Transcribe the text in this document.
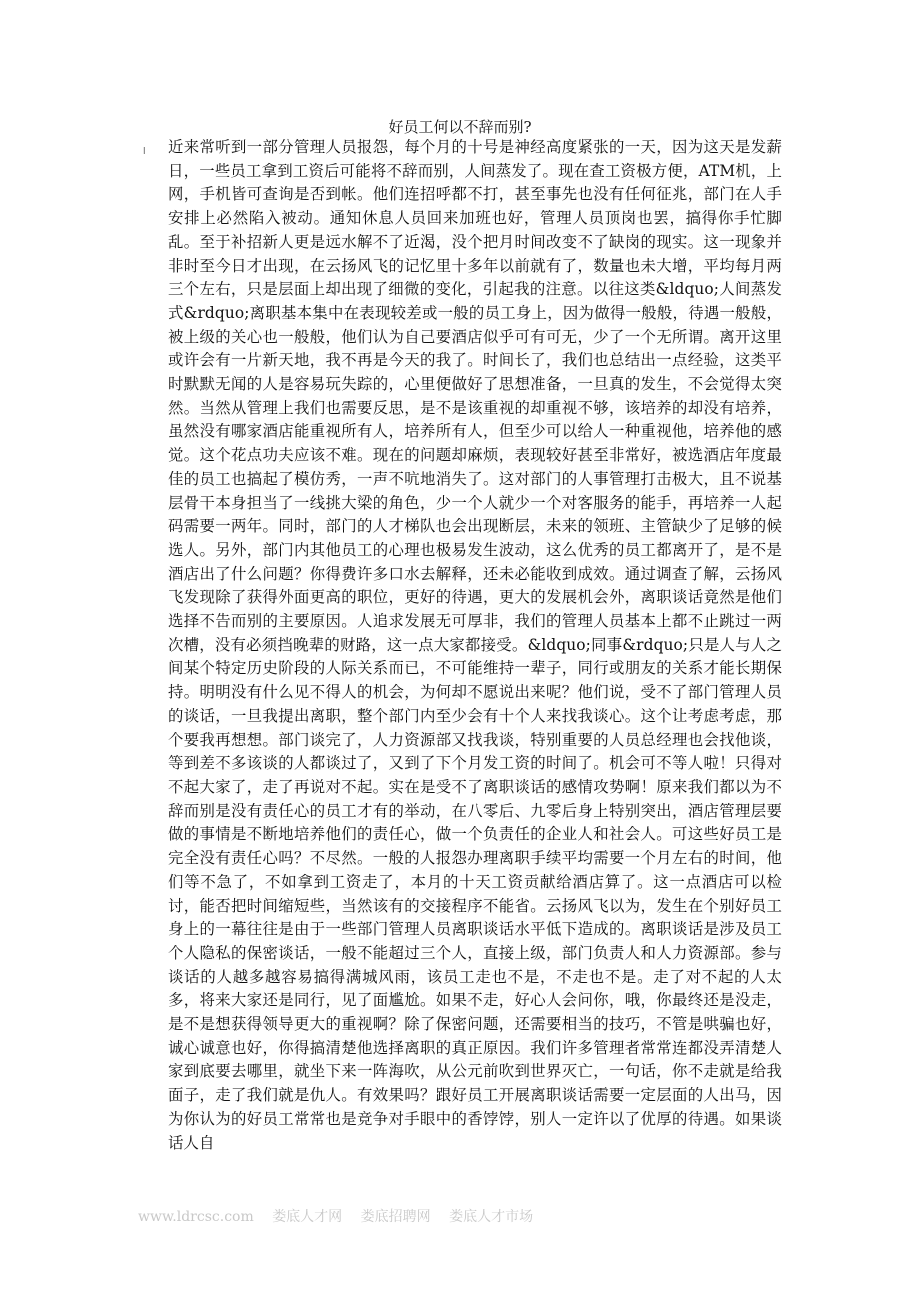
好员工何以不辞而别?
l 近来常听到一部分管理人员报怨，每个月的十号是神经高度紧张的一天，因为这天是发薪日，一些员工拿到工资后可能将不辞而别，人间蒸发了。现在查工资极方便，ATM机，上网，手机皆可查询是否到帐。他们连招呼都不打，甚至事先也没有任何征兆，部门在人手安排上必然陷入被动。通知休息人员回来加班也好，管理人员顶岗也罢，搞得你手忙脚乱。至于补招新人更是远水解不了近渴，没个把月时间改变不了缺岗的现实。这一现象并非时至今日才出现，在云扬风飞的记忆里十多年以前就有了，数量也未大增，平均每月两三个左右，只是层面上却出现了细微的变化，引起我的注意。以往这类&ldquo;人间蒸发式&rdquo;离职基本集中在表现较差或一般的员工身上，因为做得一般般，待遇一般般，被上级的关心也一般般，他们认为自己要酒店似乎可有可无，少了一个无所谓。离开这里或许会有一片新天地，我不再是今天的我了。时间长了，我们也总结出一点经验，这类平时默默无闻的人是容易玩失踪的，心里便做好了思想准备，一旦真的发生，不会觉得太突然。当然从管理上我们也需要反思，是不是该重视的却重视不够，该培养的却没有培养，虽然没有哪家酒店能重视所有人，培养所有人，但至少可以给人一种重视他，培养他的感觉。这个花点功夫应该不难。现在的问题却麻烦，表现较好甚至非常好，被选酒店年度最佳的员工也搞起了模仿秀，一声不吭地消失了。这对部门的人事管理打击极大，且不说基层骨干本身担当了一线挑大梁的角色，少一个人就少一个对客服务的能手，再培养一人起码需要一两年。同时，部门的人才梯队也会出现断层，未来的领班、主管缺少了足够的候选人。另外，部门内其他员工的心理也极易发生波动，这么优秀的员工都离开了，是不是酒店出了什么问题？你得费许多口水去解释，还未必能收到成效。通过调查了解，云扬风飞发现除了获得外面更高的职位，更好的待遇，更大的发展机会外，离职谈话竟然是他们选择不告而别的主要原因。人追求发展无可厚非，我们的管理人员基本上都不止跳过一两次槽，没有必须挡晚辈的财路，这一点大家都接受。&ldquo;同事&rdquo;只是人与人之间某个特定历史阶段的人际关系而已，不可能维持一辈子，同行或朋友的关系才能长期保持。明明没有什么见不得人的机会，为何却不愿说出来呢？他们说，受不了部门管理人员的谈话，一旦我提出离职，整个部门内至少会有十个人来找我谈心。这个让考虑考虑，那个要我再想想。部门谈完了，人力资源部又找我谈，特别重要的人员总经理也会找他谈，等到差不多该谈的人都谈过了，又到了下个月发工资的时间了。机会可不等人啦！只得对不起大家了，走了再说对不起。实在是受不了离职谈话的感情攻势啊！原来我们都以为不辞而别是没有责任心的员工才有的举动，在八零后、九零后身上特别突出，酒店管理层要做的事情是不断地培养他们的责任心，做一个负责任的企业人和社会人。可这些好员工是完全没有责任心吗？不尽然。一般的人报怨办理离职手续平均需要一个月左右的时间，他们等不急了，不如拿到工资走了，本月的十天工资贡献给酒店算了。这一点酒店可以检讨，能否把时间缩短些，当然该有的交接程序不能省。云扬风飞以为，发生在个别好员工身上的一幕往往是由于一些部门管理人员离职谈话水平低下造成的。离职谈话是涉及员工个人隐私的保密谈话，一般不能超过三个人，直接上级，部门负责人和人力资源部。参与谈话的人越多越容易搞得满城风雨，该员工走也不是，不走也不是。走了对不起的人太多，将来大家还是同行，见了面尴尬。如果不走，好心人会问你，哦，你最终还是没走，是不是想获得领导更大的重视啊？除了保密问题，还需要相当的技巧，不管是哄骗也好，诚心诚意也好，你得搞清楚他选择离职的真正原因。我们许多管理者常常连都没弄清楚人家到底要去哪里，就坐下来一阵海吹，从公元前吹到世界灭亡，一句话，你不走就是给我面子，走了我们就是仇人。有效果吗？跟好员工开展离职谈话需要一定层面的人出马，因为你认为的好员工常常也是竞争对手眼中的香饽饽，别人一定许以了优厚的待遇。如果谈话人自
www.ldrcsc.com 娄底人才网 娄底招聘网 娄底人才市场
